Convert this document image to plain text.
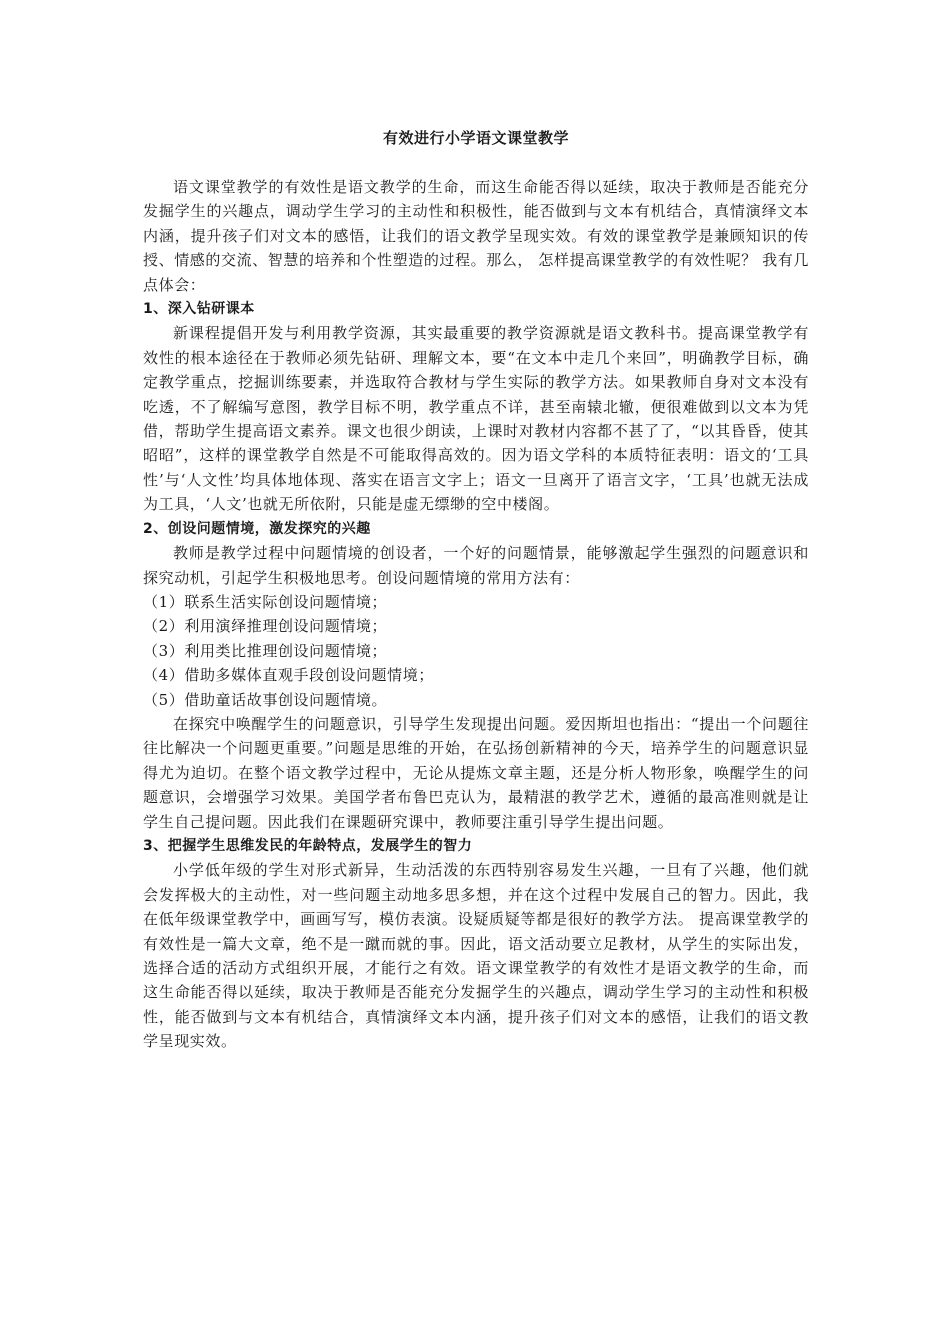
有效进行小学语文课堂教学

语文课堂教学的有效性是语文教学的生命，而这生命能否得以延续，取决于教师是否能充分发掘学生的兴趣点，调动学生学习的主动性和积极性，能否做到与文本有机结合，真情演绎文本内涵，提升孩子们对文本的感悟，让我们的语文教学呈现实效。有效的课堂教学是兼顾知识的传授、情感的交流、智慧的培养和个性塑造的过程。那么， 怎样提高课堂教学的有效性呢？ 我有几点体会：

1、深入钻研课本

新课程提倡开发与利用教学资源，其实最重要的教学资源就是语文教科书。提高课堂教学有效性的根本途径在于教师必须先钻研、理解文本，要“在文本中走几个来回”，明确教学目标，确定教学重点，挖掘训练要素，并选取符合教材与学生实际的教学方法。如果教师自身对文本没有吃透，不了解编写意图，教学目标不明，教学重点不详，甚至南辕北辙，便很难做到以文本为凭借，帮助学生提高语文素养。课文也很少朗读，上课时对教材内容都不甚了了，“以其昏昏，使其昭昭”，这样的课堂教学自然是不可能取得高效的。因为语文学科的本质特征表明：语文的‘工具性’与‘人文性’均具体地体现、落实在语言文字上；语文一旦离开了语言文字，‘工具’也就无法成为工具，‘人文’也就无所依附，只能是虚无缥缈的空中楼阁。

2、创设问题情境，激发探究的兴趣

教师是教学过程中问题情境的创设者，一个好的问题情景，能够激起学生强烈的问题意识和探究动机，引起学生积极地思考。创设问题情境的常用方法有：

（1）联系生活实际创设问题情境；
（2）利用演绎推理创设问题情境；
（3）利用类比推理创设问题情境；
（4）借助多媒体直观手段创设问题情境；
（5）借助童话故事创设问题情境。

在探究中唤醒学生的问题意识，引导学生发现提出问题。爱因斯坦也指出：“提出一个问题往往比解决一个问题更重要。”问题是思维的开始，在弘扬创新精神的今天，培养学生的问题意识显得尤为迫切。在整个语文教学过程中，无论从提炼文章主题，还是分析人物形象，唤醒学生的问题意识，会增强学习效果。美国学者布鲁巴克认为，最精湛的教学艺术，遵循的最高准则就是让学生自己提问题。因此我们在课题研究课中，教师要注重引导学生提出问题。

3、把握学生思维发民的年龄特点，发展学生的智力

小学低年级的学生对形式新异，生动活泼的东西特别容易发生兴趣，一旦有了兴趣，他们就会发挥极大的主动性，对一些问题主动地多思多想，并在这个过程中发展自己的智力。因此，我在低年级课堂教学中，画画写写，模仿表演。设疑质疑等都是很好的教学方法。 提高课堂教学的有效性是一篇大文章，绝不是一蹴而就的事。因此，语文活动要立足教材，从学生的实际出发，选择合适的活动方式组织开展，才能行之有效。语文课堂教学的有效性才是语文教学的生命，而这生命能否得以延续，取决于教师是否能充分发掘学生的兴趣点，调动学生学习的主动性和积极性，能否做到与文本有机结合，真情演绎文本内涵，提升孩子们对文本的感悟，让我们的语文教学呈现实效。
